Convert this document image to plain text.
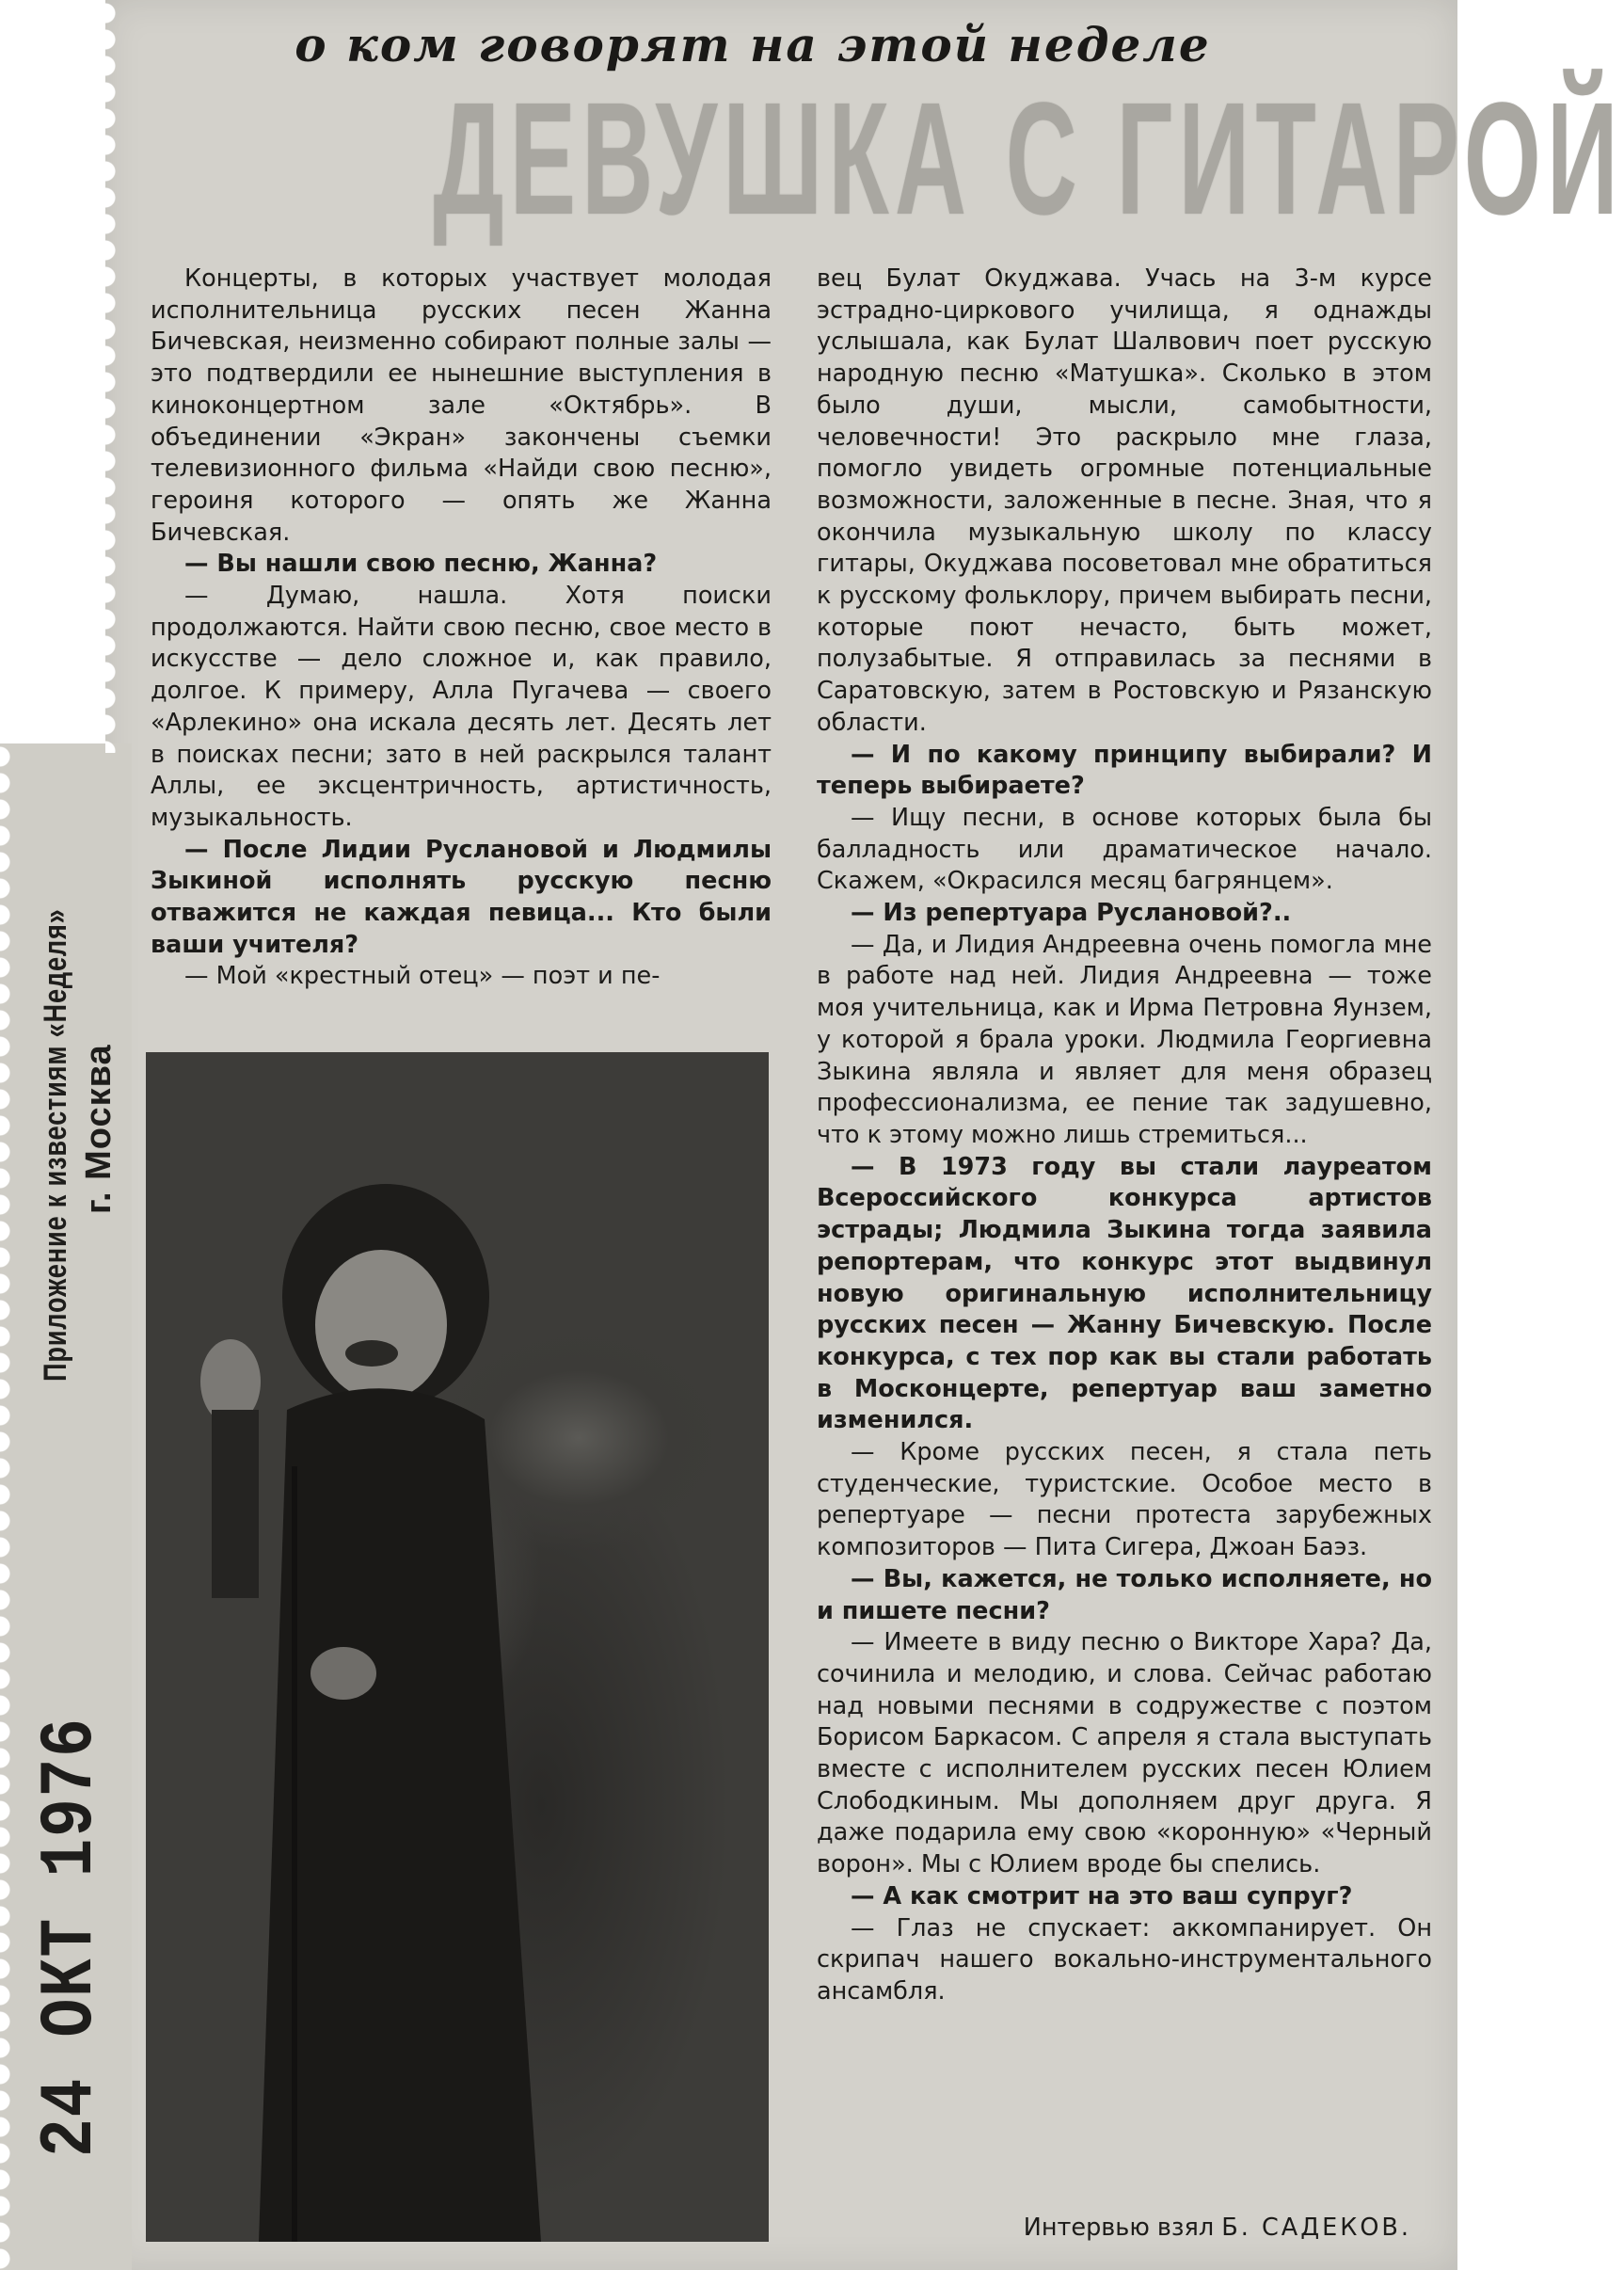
о ком говорят на этой неделе
ДЕВУШКА С ГИТАРОЙ

Концерты, в которых участвует молодая исполнительница русских песен Жанна Бичевская, неизменно собирают полные залы — это подтвердили ее нынешние выступления в киноконцертном зале «Октябрь». В объединении «Экран» закончены съемки телевизионного фильма «Найди свою песню», героиня которого — опять же Жанна Бичевская.

— Вы нашли свою песню, Жанна?

— Думаю, нашла. Хотя поиски продолжаются. Найти свою песню, свое место в искусстве — дело сложное и, как правило, долгое. К примеру, Алла Пугачева — своего «Арлекино» она искала десять лет. Десять лет в поисках песни; зато в ней раскрылся талант Аллы, ее эксцентричность, артистичность, музыкальность.

— После Лидии Руслановой и Людмилы Зыкиной исполнять русскую песню отважится не каждая певица... Кто были ваши учителя?

— Мой «крестный отец» — поэт и пе-

вец Булат Окуджава. Учась на 3-м курсе эстрадно-циркового училища, я однажды услышала, как Булат Шалвович поет русскую народную песню «Матушка». Сколько в этом было души, мысли, самобытности, человечности! Это раскрыло мне глаза, помогло увидеть огромные потенциальные возможности, заложенные в песне. Зная, что я окончила музыкальную школу по классу гитары, Окуджава посоветовал мне обратиться к русскому фольклору, причем выбирать песни, которые поют нечасто, быть может, полузабытые. Я отправилась за песнями в Саратовскую, затем в Ростовскую и Рязанскую области.

— И по какому принципу выбирали? И теперь выбираете?

— Ищу песни, в основе которых была бы балладность или драматическое начало. Скажем, «Окрасился месяц багрянцем».

— Из репертуара Руслановой?..

— Да, и Лидия Андреевна очень помогла мне в работе над ней. Лидия Андреевна — тоже моя учительница, как и Ирма Петровна Яунзем, у которой я брала уроки. Людмила Георгиевна Зыкина являла и являет для меня образец профессионализма, ее пение так задушевно, что к этому можно лишь стремиться...

— В 1973 году вы стали лауреатом Всероссийского конкурса артистов эстрады; Людмила Зыкина тогда заявила репортерам, что конкурс этот выдвинул новую оригинальную исполнительницу русских песен — Жанну Бичевскую. После конкурса, с тех пор как вы стали работать в Москонцерте, репертуар ваш заметно изменился.

— Кроме русских песен, я стала петь студенческие, туристские. Особое место в репертуаре — песни протеста зарубежных композиторов — Пита Сигера, Джоан Баэз.

— Вы, кажется, не только исполняете, но и пишете песни?

— Имеете в виду песню о Викторе Хара? Да, сочинила и мелодию, и слова. Сейчас работаю над новыми песнями в содружестве с поэтом Борисом Баркасом. С апреля я стала выступать вместе с исполнителем русских песен Юлием Слободкиным. Мы дополняем друг друга. Я даже подарила ему свою «коронную» «Черный ворон». Мы с Юлием вроде бы спелись.

— А как смотрит на это ваш супруг?

— Глаз не спускает: аккомпанирует. Он скрипач нашего вокально-инструментального ансамбля.

Приложение к известиям «Неделя» г. Москва
24 ОКТ 1976
Интервью взял Б. САДЕКОВ.
